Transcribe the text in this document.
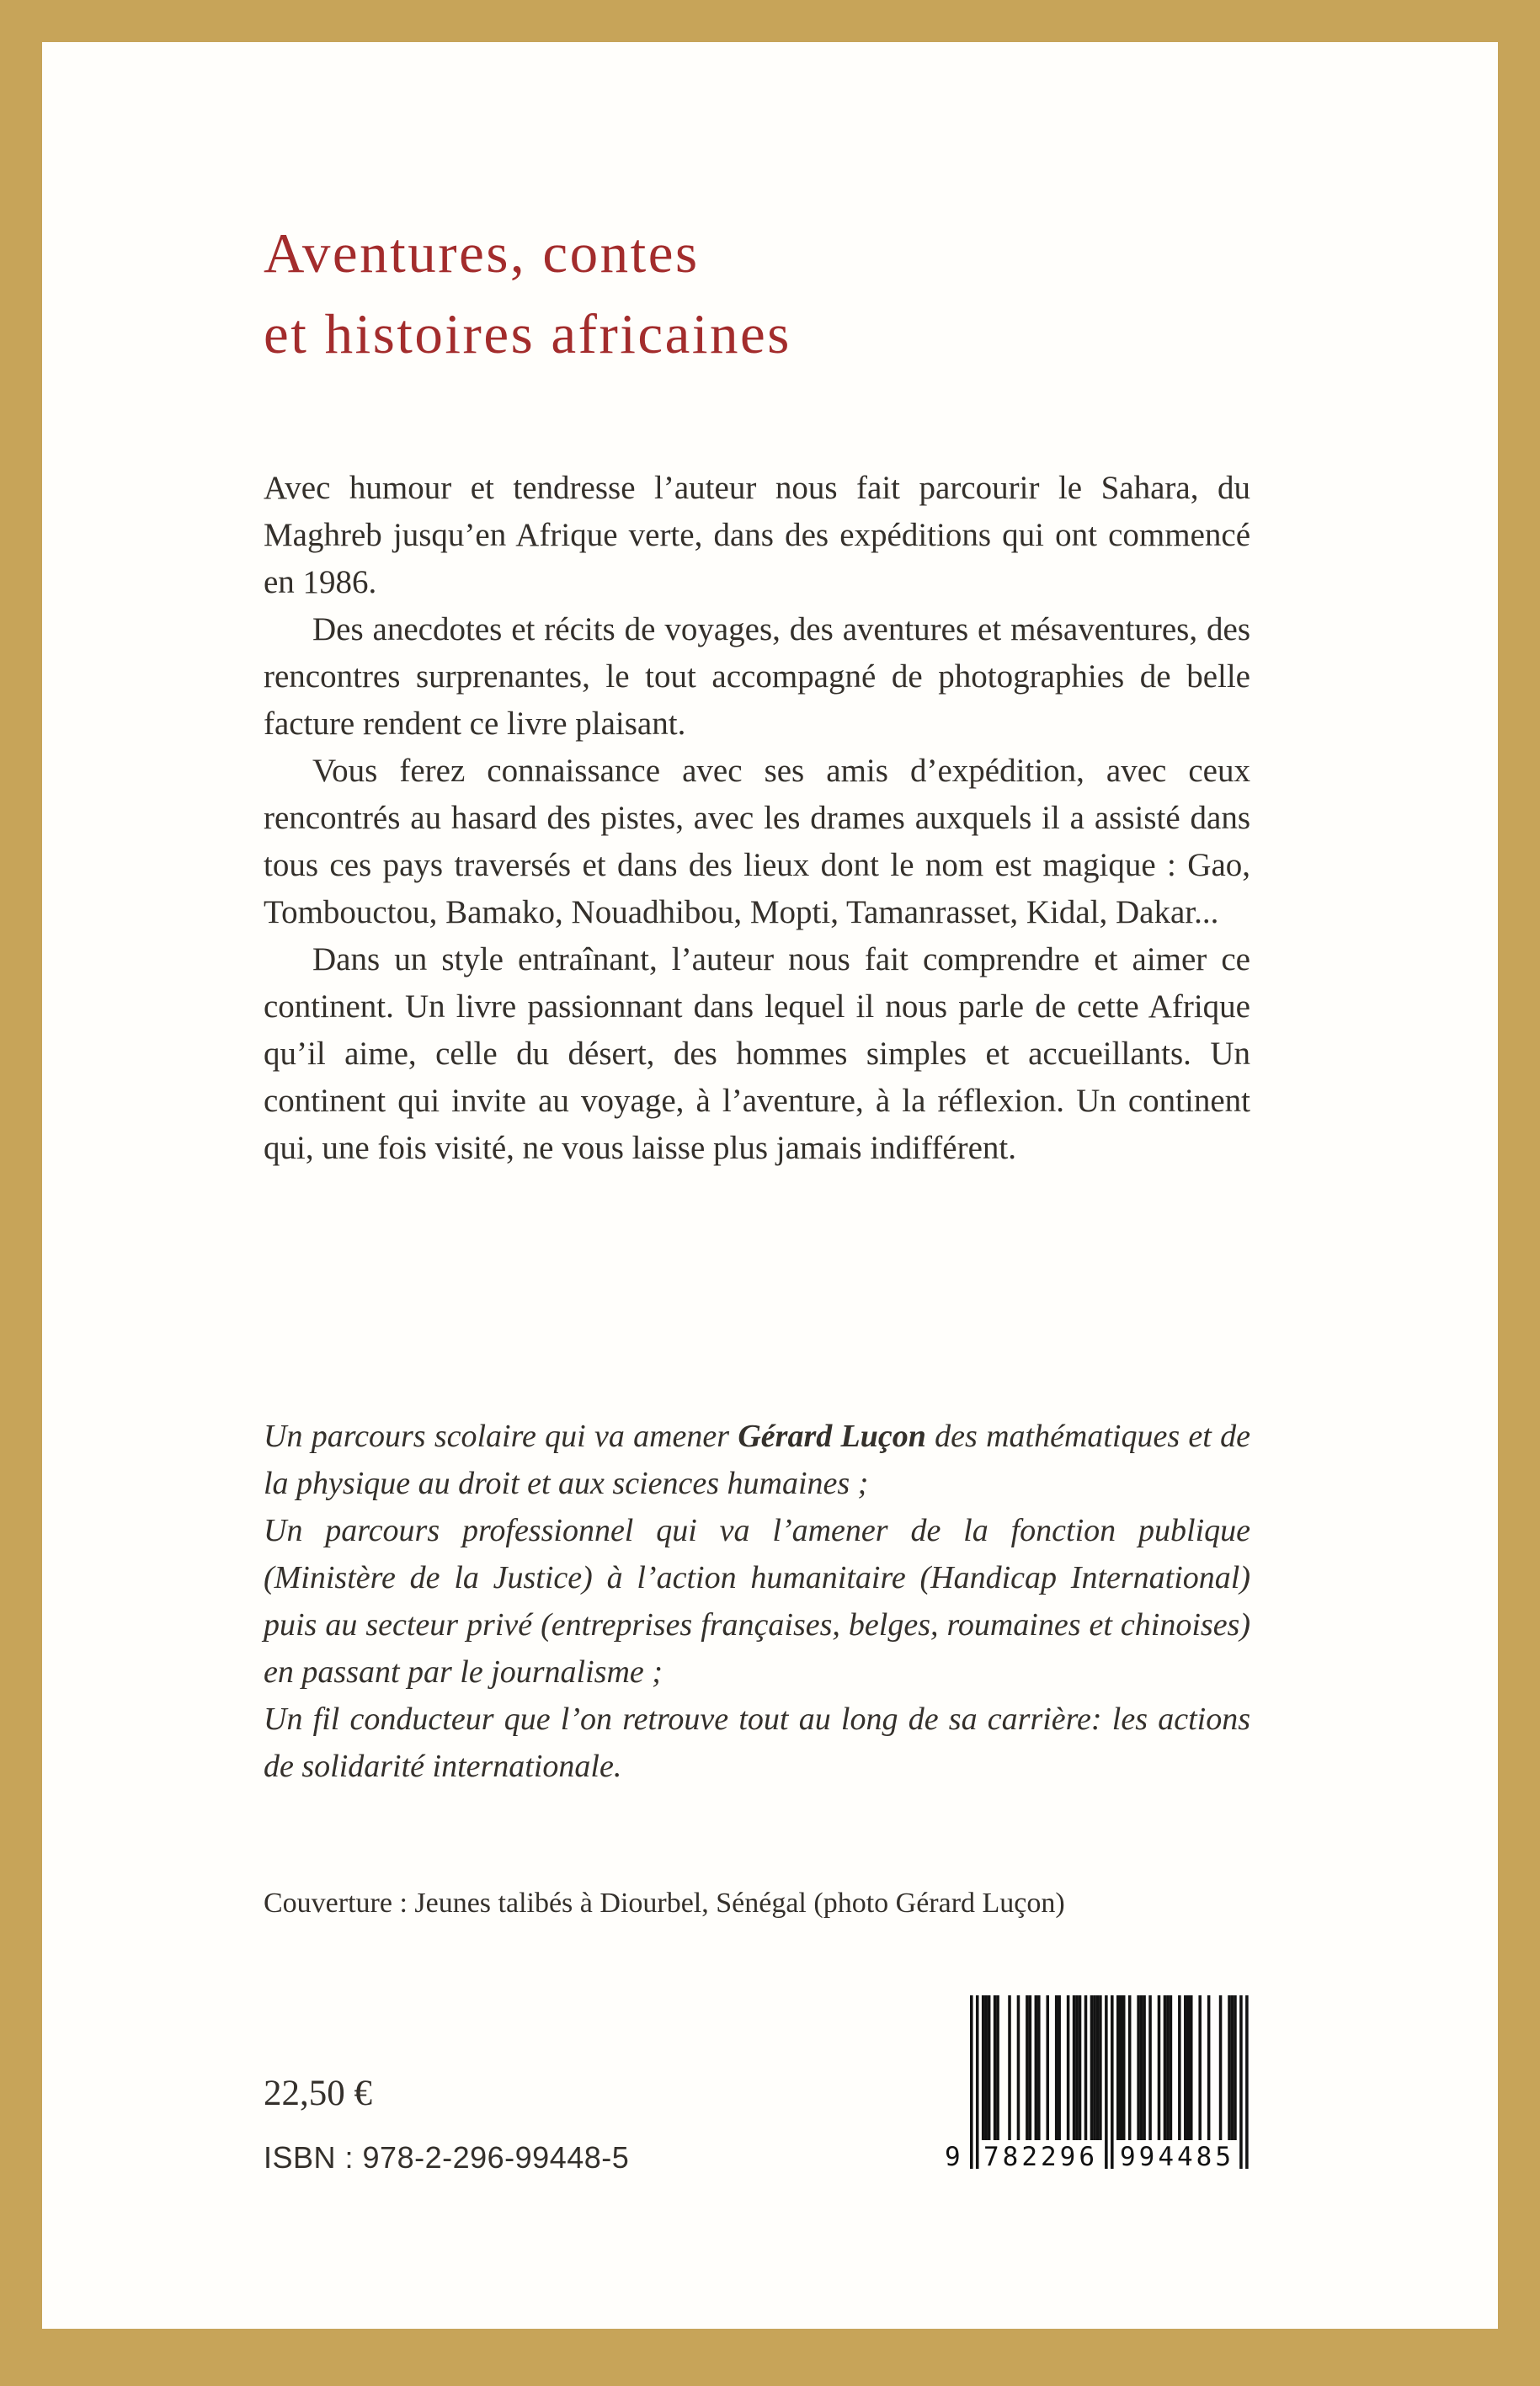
Aventures, contes
et histoires africaines

Avec humour et tendresse l’auteur nous fait parcourir le Sahara, du Maghreb jusqu’en Afrique verte, dans des expéditions qui ont commencé en 1986.

Des anecdotes et récits de voyages, des aventures et mésaventures, des rencontres surprenantes, le tout accompagné de photographies de belle facture rendent ce livre plaisant.

Vous ferez connaissance avec ses amis d’expédition, avec ceux rencontrés au hasard des pistes, avec les drames auxquels il a assisté dans tous ces pays traversés et dans des lieux dont le nom est magique : Gao, Tombouctou, Bamako, Nouadhibou, Mopti, Tamanrasset, Kidal, Dakar...

Dans un style entraînant, l’auteur nous fait comprendre et aimer ce continent. Un livre passionnant dans lequel il nous parle de cette Afrique qu’il aime, celle du désert, des hommes simples et accueillants. Un continent qui invite au voyage, à l’aventure, à la réflexion. Un continent qui, une fois visité, ne vous laisse plus jamais indifférent.

Un parcours scolaire qui va amener Gérard Luçon des mathématiques et de la physique au droit et aux sciences humaines ;

Un parcours professionnel qui va l’amener de la fonction publique (Ministère de la Justice) à l’action humanitaire (Handicap International) puis au secteur privé (entreprises françaises, belges, roumaines et chinoises) en passant par le journalisme ;

Un fil conducteur que l’on retrouve tout au long de sa carrière: les actions de solidarité internationale.

Couverture : Jeunes talibés à Diourbel, Sénégal (photo Gérard Luçon)

22,50 €
ISBN : 978-2-296-99448-5	9 782296 994485
